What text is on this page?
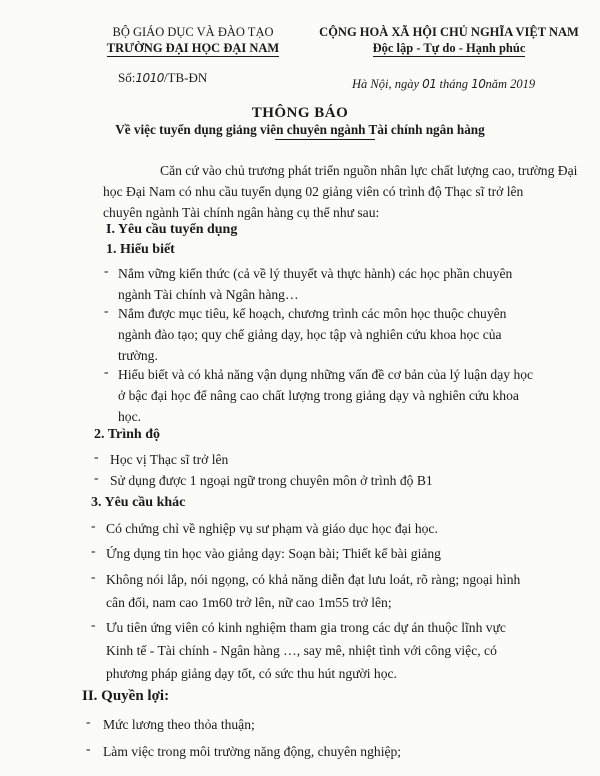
BỘ GIÁO DỤC VÀ ĐÀO TẠO
TRƯỜNG ĐẠI HỌC ĐẠI NAM
CỘNG HOÀ XÃ HỘI CHỦ NGHĨA VIỆT NAM
Độc lập - Tự do - Hạnh phúc
Số:1010/TB-ĐN	Hà Nội, ngày 01 tháng 10năm 2019
THÔNG BÁO
Về việc tuyển dụng giảng viên chuyên ngành Tài chính ngân hàng
Căn cứ vào chủ trương phát triển nguồn nhân lực chất lượng cao, trường Đại
học Đại Nam có nhu cầu tuyển dụng 02 giảng viên có trình độ Thạc sĩ trở lên
chuyên ngành Tài chính ngân hàng cụ thể như sau:
I. Yêu cầu tuyển dụng
1. Hiểu biết
- Nắm vững kiến thức (cả về lý thuyết và thực hành) các học phần chuyên
ngành Tài chính và Ngân hàng…
- Nắm được mục tiêu, kế hoạch, chương trình các môn học thuộc chuyên
ngành đào tạo; quy chế giảng dạy, học tập và nghiên cứu khoa học của
trường.
- Hiểu biết và có khả năng vận dụng những vấn đề cơ bản của lý luận dạy học
ở bậc đại học để nâng cao chất lượng trong giảng dạy và nghiên cứu khoa
học.
2. Trình độ
- Học vị Thạc sĩ trở lên
- Sử dụng được 1 ngoại ngữ trong chuyên môn ở trình độ B1
3. Yêu cầu khác
- Có chứng chỉ về nghiệp vụ sư phạm và giáo dục học đại học.
- Ứng dụng tin học vào giảng dạy: Soạn bài; Thiết kế bài giảng
- Không nói lắp, nói ngọng, có khả năng diễn đạt lưu loát, rõ ràng; ngoại hình
cân đối, nam cao 1m60 trở lên, nữ cao 1m55 trở lên;
- Ưu tiên ứng viên có kinh nghiệm tham gia trong các dự án thuộc lĩnh vực
Kinh tế - Tài chính - Ngân hàng …, say mê, nhiệt tình với công việc, có
phương pháp giảng dạy tốt, có sức thu hút người học.
II. Quyền lợi:
- Mức lương theo thỏa thuận;
- Làm việc trong môi trường năng động, chuyên nghiệp;
